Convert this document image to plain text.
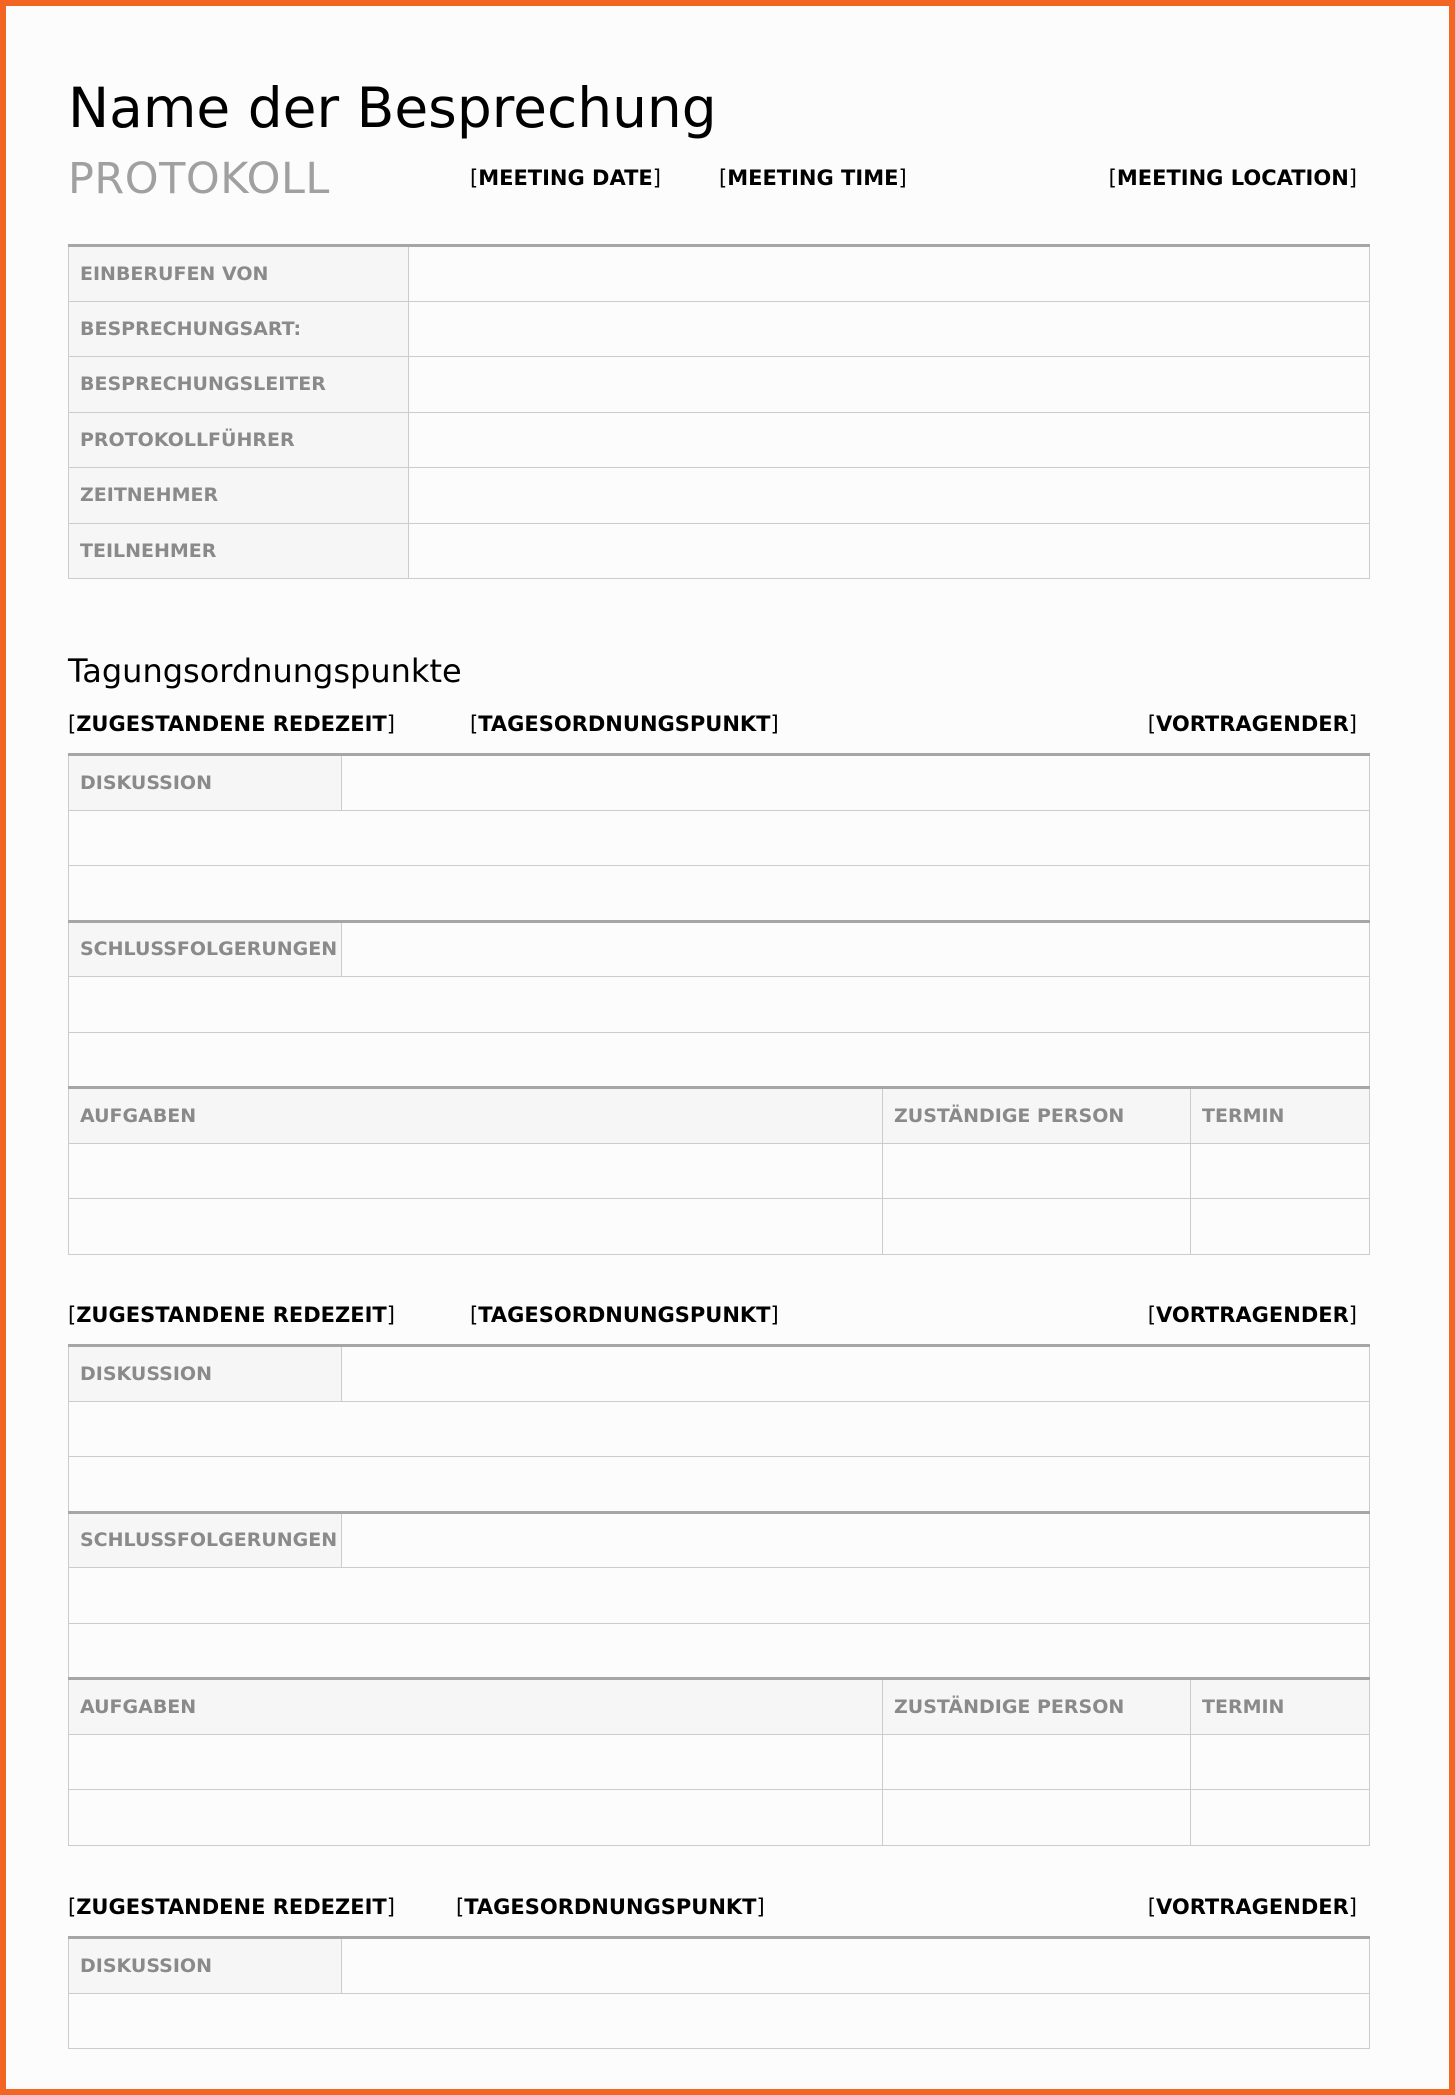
Name der Besprechung
PROTOKOLL	[MEETING DATE]	[MEETING TIME]	[MEETING LOCATION]
EINBERUFEN VON	
BESPRECHUNGSART:	
BESPRECHUNGSLEITER	
PROTOKOLLFÜHRER	
ZEITNEHMER	
TEILNEHMER	
Tagungsordnungspunkte
[ZUGESTANDENE REDEZEIT]	[TAGESORDNUNGSPUNKT]	[VORTRAGENDER]
DISKUSSION			

SCHLUSSFOLGERUNGEN			

AUFGABEN		ZUSTÄNDIGE PERSON	TERMIN

[ZUGESTANDENE REDEZEIT]	[TAGESORDNUNGSPUNKT]	[VORTRAGENDER]
DISKUSSION			

SCHLUSSFOLGERUNGEN			

AUFGABEN		ZUSTÄNDIGE PERSON	TERMIN

[ZUGESTANDENE REDEZEIT]	[TAGESORDNUNGSPUNKT]	[VORTRAGENDER]
DISKUSSION	
